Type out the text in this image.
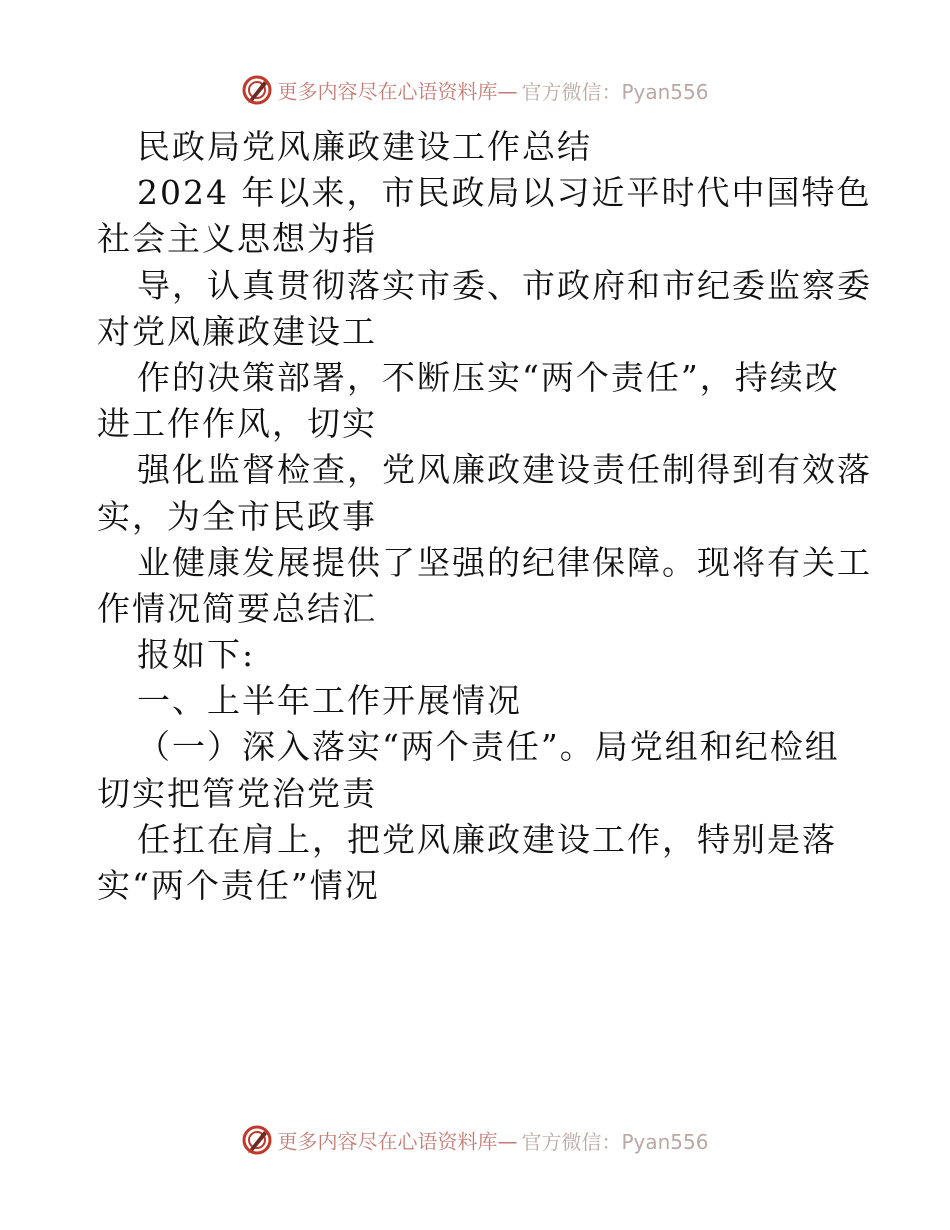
更多内容尽在心语资料库— 官方微信：Pyan556
民政局党风廉政建设工作总结
2024 年以来，市民政局以习近平时代中国特色
社会主义思想为指
导，认真贯彻落实市委、市政府和市纪委监察委
对党风廉政建设工
作的决策部署，不断压实“两个责任”，持续改
进工作作风，切实
强化监督检查，党风廉政建设责任制得到有效落
实，为全市民政事
业健康发展提供了坚强的纪律保障。现将有关工
作情况简要总结汇
报如下:
一、上半年工作开展情况
（一）深入落实“两个责任”。局党组和纪检组
切实把管党治党责
任扛在肩上，把党风廉政建设工作，特别是落
实“两个责任”情况
更多内容尽在心语资料库— 官方微信：Pyan556
